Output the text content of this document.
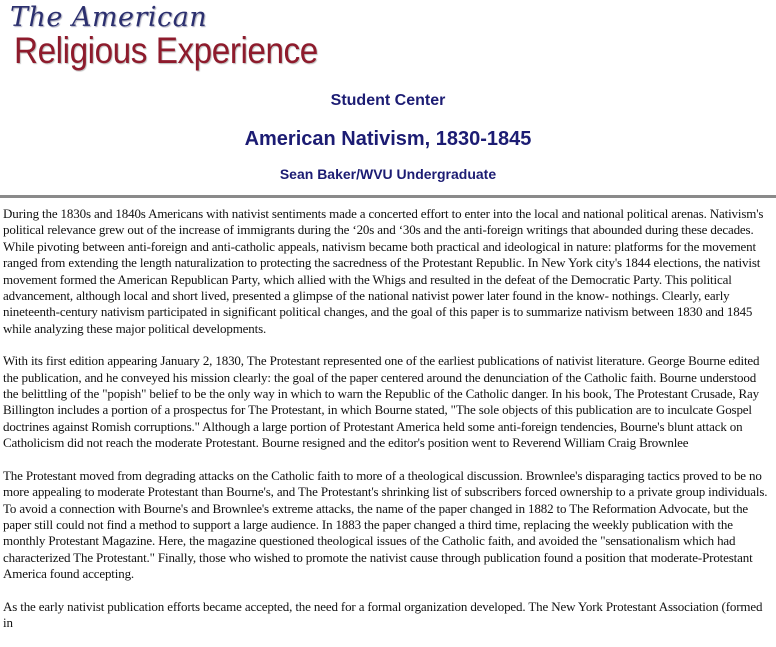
The American
Religious Experience
Student Center
American Nativism, 1830-1845
Sean Baker/WVU Undergraduate

During the 1830s and 1840s Americans with nativist sentiments made a concerted effort to enter into the local and national political arenas. Nativism's political relevance grew out of the increase of immigrants during the ‘20s and ‘30s and the anti-foreign writings that abounded during these decades. While pivoting between anti-foreign and anti-catholic appeals, nativism became both practical and ideological in nature: platforms for the movement ranged from extending the length naturalization to protecting the sacredness of the Protestant Republic. In New York city's 1844 elections, the nativist movement formed the American Republican Party, which allied with the Whigs and resulted in the defeat of the Democratic Party. This political advancement, although local and short lived, presented a glimpse of the national nativist power later found in the know- nothings. Clearly, early nineteenth-century nativism participated in significant political changes, and the goal of this paper is to summarize nativism between 1830 and 1845 while analyzing these major political developments.

With its first edition appearing January 2, 1830, The Protestant represented one of the earliest publications of nativist literature. George Bourne edited the publication, and he conveyed his mission clearly: the goal of the paper centered around the denunciation of the Catholic faith. Bourne understood the belittling of the "popish" belief to be the only way in which to warn the Republic of the Catholic danger. In his book, The Protestant Crusade, Ray Billington includes a portion of a prospectus for The Protestant, in which Bourne stated, "The sole objects of this publication are to inculcate Gospel doctrines against Romish corruptions." Although a large portion of Protestant America held some anti-foreign tendencies, Bourne's blunt attack on Catholicism did not reach the moderate Protestant. Bourne resigned and the editor's position went to Reverend William Craig Brownlee

The Protestant moved from degrading attacks on the Catholic faith to more of a theological discussion. Brownlee's disparaging tactics proved to be no more appealing to moderate Protestant than Bourne's, and The Protestant's shrinking list of subscribers forced ownership to a private group individuals. To avoid a connection with Bourne's and Brownlee's extreme attacks, the name of the paper changed in 1882 to The Reformation Advocate, but the paper still could not find a method to support a large audience. In 1883 the paper changed a third time, replacing the weekly publication with the monthly Protestant Magazine. Here, the magazine questioned theological issues of the Catholic faith, and avoided the "sensationalism which had characterized The Protestant." Finally, those who wished to promote the nativist cause through publication found a position that moderate-Protestant America found accepting.

As the early nativist publication efforts became accepted, the need for a formal organization developed. The New York Protestant Association (formed in
